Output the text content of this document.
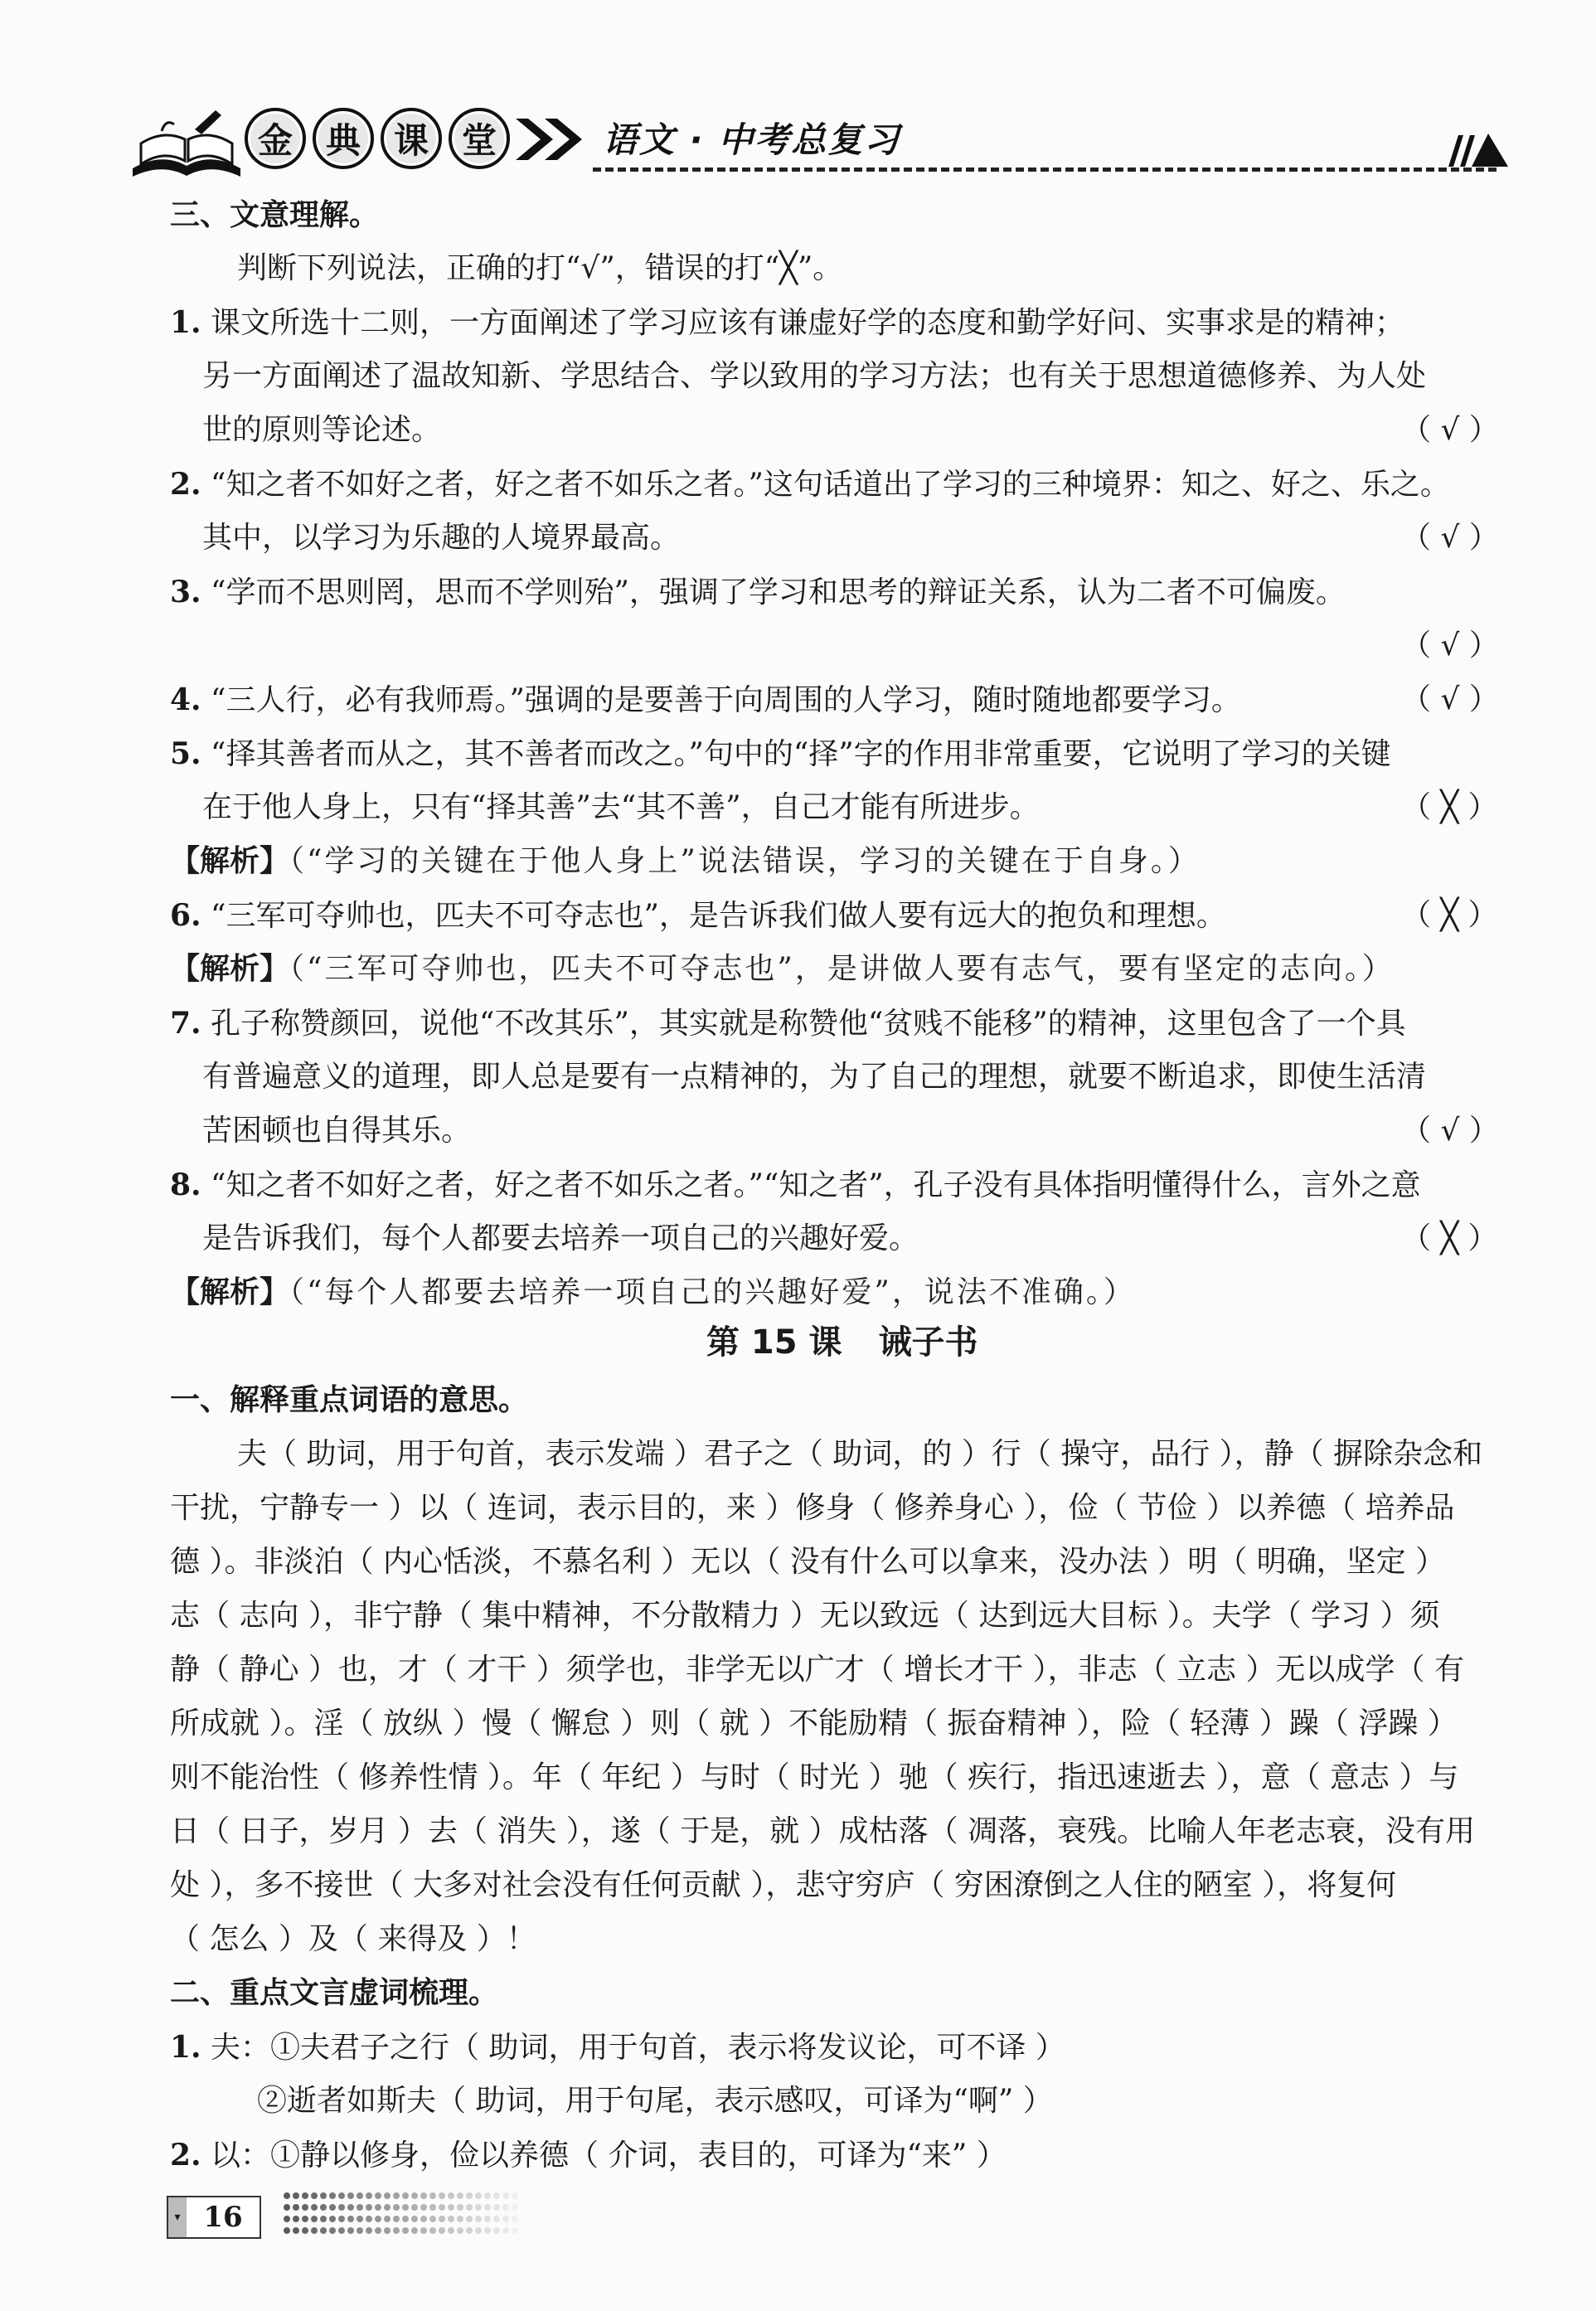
金 典 课 堂	语文 · 中考总复习
三、文意理解。
判断下列说法，正确的打“√”，错误的打“╳”。
1. 课文所选十二则，一方面阐述了学习应该有谦虚好学的态度和勤学好问、实事求是的精神；
另一方面阐述了温故知新、学思结合、学以致用的学习方法；也有关于思想道德修养、为人处
世的原则等论述。	（ √ ）
2. “知之者不如好之者，好之者不如乐之者。”这句话道出了学习的三种境界：知之、好之、乐之。
其中，以学习为乐趣的人境界最高。	（ √ ）
3. “学而不思则罔，思而不学则殆”，强调了学习和思考的辩证关系，认为二者不可偏废。
（ √ ）
4. “三人行，必有我师焉。”强调的是要善于向周围的人学习，随时随地都要学习。	（ √ ）
5. “择其善者而从之，其不善者而改之。”句中的“择”字的作用非常重要，它说明了学习的关键
在于他人身上，只有“择其善”去“其不善”，自己才能有所进步。	（ ╳ ）
【解析】（“学习的关键在于他人身上”说法错误，学习的关键在于自身。）
6. “三军可夺帅也，匹夫不可夺志也”，是告诉我们做人要有远大的抱负和理想。	（ ╳ ）
【解析】（“三军可夺帅也，匹夫不可夺志也”，是讲做人要有志气，要有坚定的志向。）
7. 孔子称赞颜回，说他“不改其乐”，其实就是称赞他“贫贱不能移”的精神，这里包含了一个具
有普遍意义的道理，即人总是要有一点精神的，为了自己的理想，就要不断追求，即使生活清
苦困顿也自得其乐。	（ √ ）
8. “知之者不如好之者，好之者不如乐之者。”“知之者”，孔子没有具体指明懂得什么，言外之意
是告诉我们，每个人都要去培养一项自己的兴趣好爱。	（ ╳ ）
【解析】（“每个人都要去培养一项自己的兴趣好爱”，说法不准确。）
第 15 课 诫子书
一、解释重点词语的意思。
夫（ 助词，用于句首，表示发端 ）君子之（ 助词，的 ）行（ 操守，品行 ），静（ 摒除杂念和
干扰，宁静专一 ）以（ 连词，表示目的，来 ）修身（ 修养身心 ），俭（ 节俭 ）以养德（ 培养品
德 ）。非淡泊（ 内心恬淡，不慕名利 ）无以（ 没有什么可以拿来，没办法 ）明（ 明确，坚定 ）
志（ 志向 ），非宁静（ 集中精神，不分散精力 ）无以致远（ 达到远大目标 ）。夫学（ 学习 ）须
静（ 静心 ）也，才（ 才干 ）须学也，非学无以广才（ 增长才干 ），非志（ 立志 ）无以成学（ 有
所成就 ）。淫（ 放纵 ）慢（ 懈怠 ）则（ 就 ）不能励精（ 振奋精神 ），险（ 轻薄 ）躁（ 浮躁 ）
则不能治性（ 修养性情 ）。年（ 年纪 ）与时（ 时光 ）驰（ 疾行，指迅速逝去 ），意（ 意志 ）与
日（ 日子，岁月 ）去（ 消失 ），遂（ 于是，就 ）成枯落（ 凋落，衰残。比喻人年老志衰，没有用
处 ），多不接世（ 大多对社会没有任何贡献 ），悲守穷庐（ 穷困潦倒之人住的陋室 ），将复何
（ 怎么 ）及（ 来得及 ）！
二、重点文言虚词梳理。
1. 夫：①夫君子之行（ 助词，用于句首，表示将发议论，可不译 ）
②逝者如斯夫（ 助词，用于句尾，表示感叹，可译为“啊” ）
2. 以：①静以修身，俭以养德（ 介词，表目的，可译为“来” ）
▾ 16
